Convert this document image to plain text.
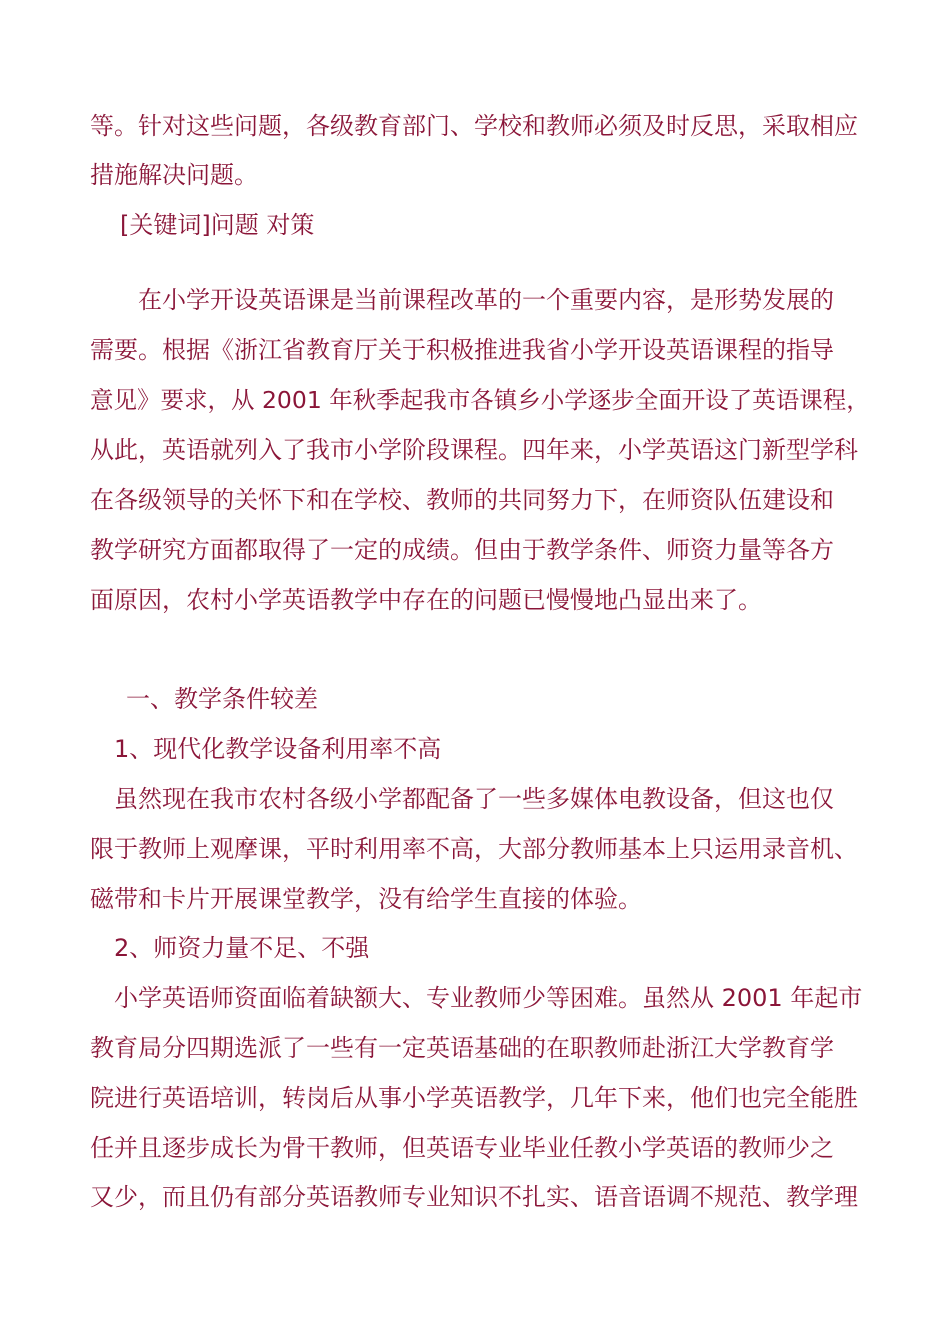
等。针对这些问题，各级教育部门、学校和教师必须及时反思，采取相应
措施解决问题。
[关键词]问题 对策
在小学开设英语课是当前课程改革的一个重要内容，是形势发展的
需要。根据《浙江省教育厅关于积极推进我省小学开设英语课程的指导
意见》要求，从 2001 年秋季起我市各镇乡小学逐步全面开设了英语课程，
从此，英语就列入了我市小学阶段课程。四年来，小学英语这门新型学科
在各级领导的关怀下和在学校、教师的共同努力下，在师资队伍建设和
教学研究方面都取得了一定的成绩。但由于教学条件、师资力量等各方
面原因，农村小学英语教学中存在的问题已慢慢地凸显出来了。
一、教学条件较差
1、现代化教学设备利用率不高
虽然现在我市农村各级小学都配备了一些多媒体电教设备，但这也仅
限于教师上观摩课，平时利用率不高，大部分教师基本上只运用录音机、
磁带和卡片开展课堂教学，没有给学生直接的体验。
2、师资力量不足、不强
小学英语师资面临着缺额大、专业教师少等困难。虽然从 2001 年起市
教育局分四期选派了一些有一定英语基础的在职教师赴浙江大学教育学
院进行英语培训，转岗后从事小学英语教学，几年下来，他们也完全能胜
任并且逐步成长为骨干教师，但英语专业毕业任教小学英语的教师少之
又少，而且仍有部分英语教师专业知识不扎实、语音语调不规范、教学理
